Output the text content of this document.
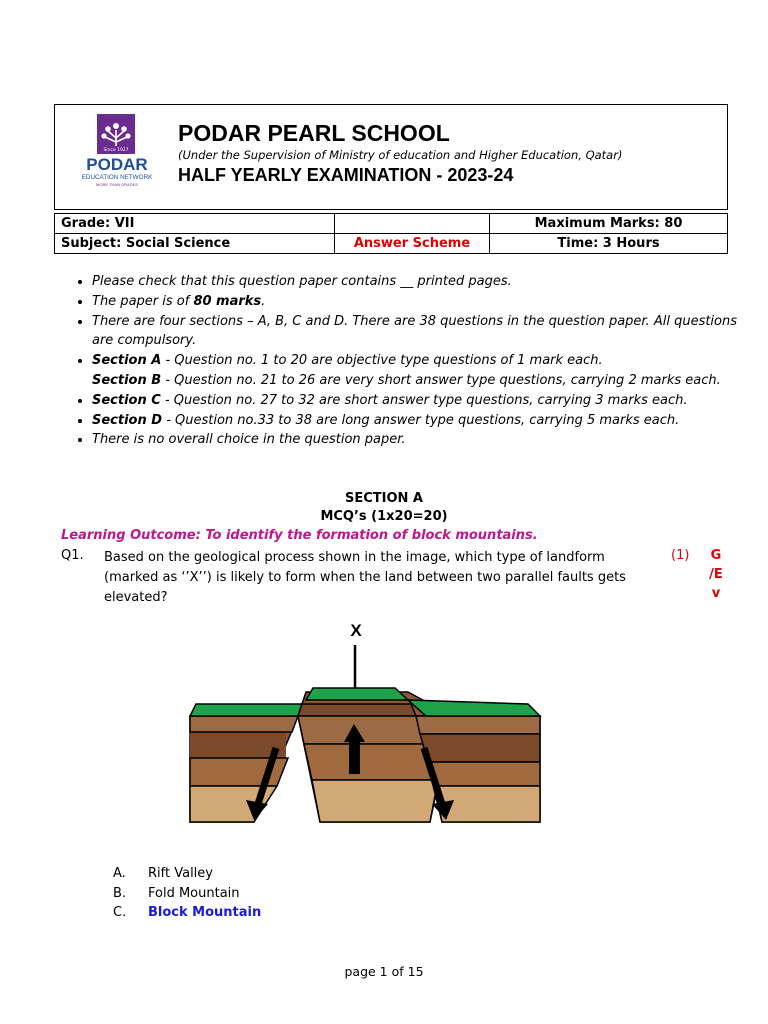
Since 1927
PODAR
EDUCATION NETWORK
MORE THAN GRADES
PODAR PEARL SCHOOL
(Under the Supervision of Ministry of education and Higher Education, Qatar)
HALF YEARLY EXAMINATION - 2023-24
Grade: VII		Maximum Marks: 80
Subject: Social Science	Answer Scheme	Time: 3 Hours
• Please check that this question paper contains __ printed pages.
• The paper is of 80 marks.
• There are four sections – A, B, C and D. There are 38 questions in the question paper. All questions are compulsory.
• Section A - Question no. 1 to 20 are objective type questions of 1 mark each.
Section B - Question no. 21 to 26 are very short answer type questions, carrying 2 marks each.
• Section C - Question no. 27 to 32 are short answer type questions, carrying 3 marks each.
• Section D - Question no.33 to 38 are long answer type questions, carrying 5 marks each.
• There is no overall choice in the question paper.
SECTION A
MCQ’s (1x20=20)
Learning Outcome: To identify the formation of block mountains.
Q1. Based on the geological process shown in the image, which type of landform (marked as ‘’X’’) is likely to form when the land between two parallel faults gets elevated?
(1)	G
/E
v
X
A. Rift Valley
B. Fold Mountain
C. Block Mountain
page 1 of 15
